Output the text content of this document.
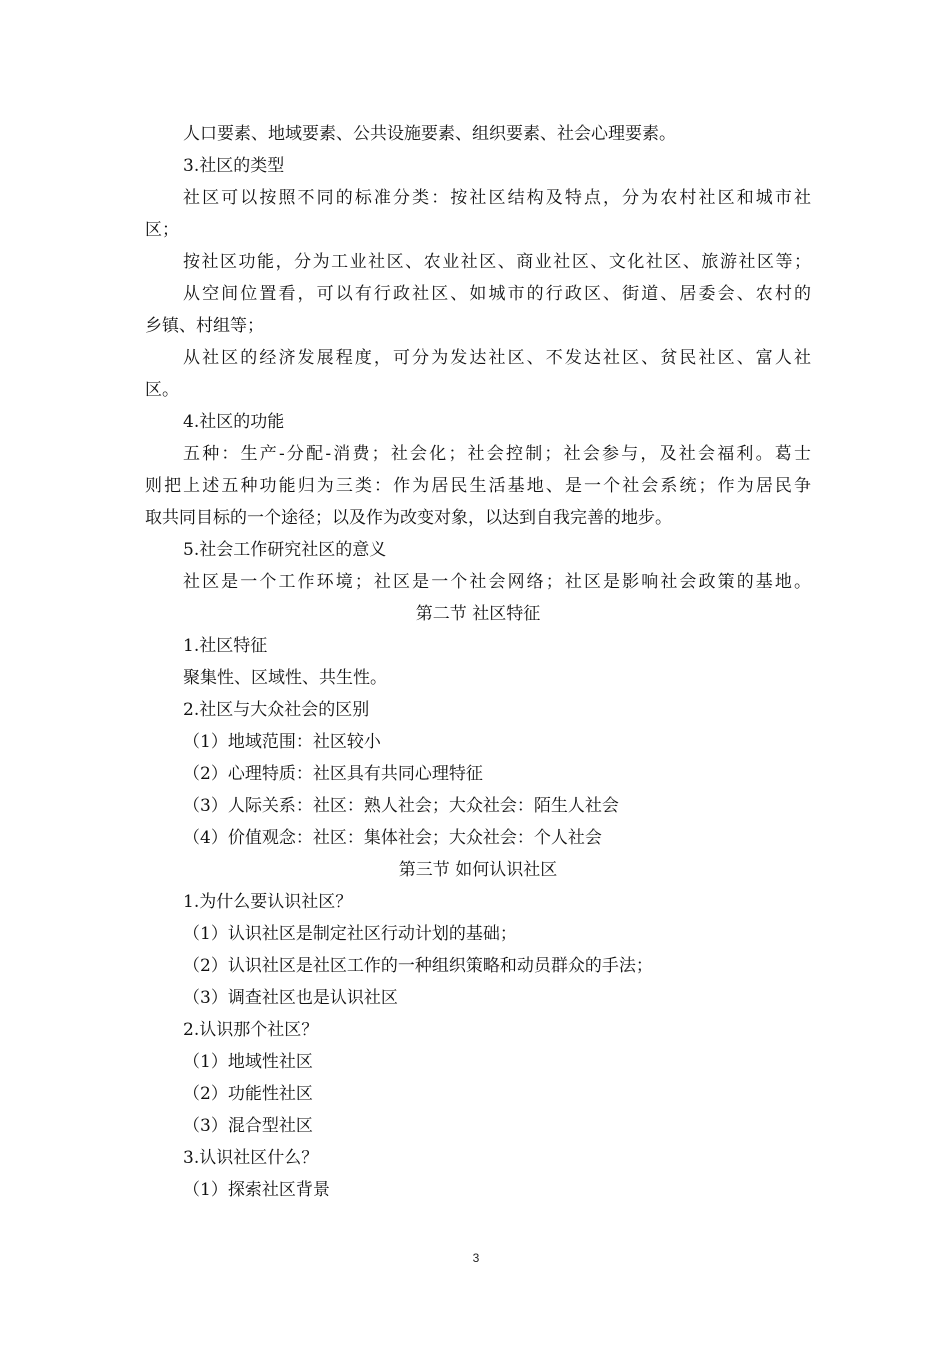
人口要素、地域要素、公共设施要素、组织要素、社会心理要素。
3.社区的类型
社区可以按照不同的标准分类：按社区结构及特点，分为农村社区和城市社
区；
按社区功能，分为工业社区、农业社区、商业社区、文化社区、旅游社区等；
从空间位置看，可以有行政社区、如城市的行政区、街道、居委会、农村的
乡镇、村组等；
从社区的经济发展程度，可分为发达社区、不发达社区、贫民社区、富人社
区。
4.社区的功能
五种：生产-分配-消费；社会化；社会控制；社会参与，及社会福利。葛士
则把上述五种功能归为三类：作为居民生活基地、是一个社会系统；作为居民争
取共同目标的一个途径；以及作为改变对象，以达到自我完善的地步。
5.社会工作研究社区的意义
社区是一个工作环境；社区是一个社会网络；社区是影响社会政策的基地。
第二节 社区特征
1.社区特征
聚集性、区域性、共生性。
2.社区与大众社会的区别
（1）地域范围：社区较小
（2）心理特质：社区具有共同心理特征
（3）人际关系：社区：熟人社会；大众社会：陌生人社会
（4）价值观念：社区：集体社会；大众社会：个人社会
第三节 如何认识社区
1.为什么要认识社区？
（1）认识社区是制定社区行动计划的基础；
（2）认识社区是社区工作的一种组织策略和动员群众的手法；
（3）调查社区也是认识社区
2.认识那个社区？
（1）地域性社区
（2）功能性社区
（3）混合型社区
3.认识社区什么？
（1）探索社区背景
3
